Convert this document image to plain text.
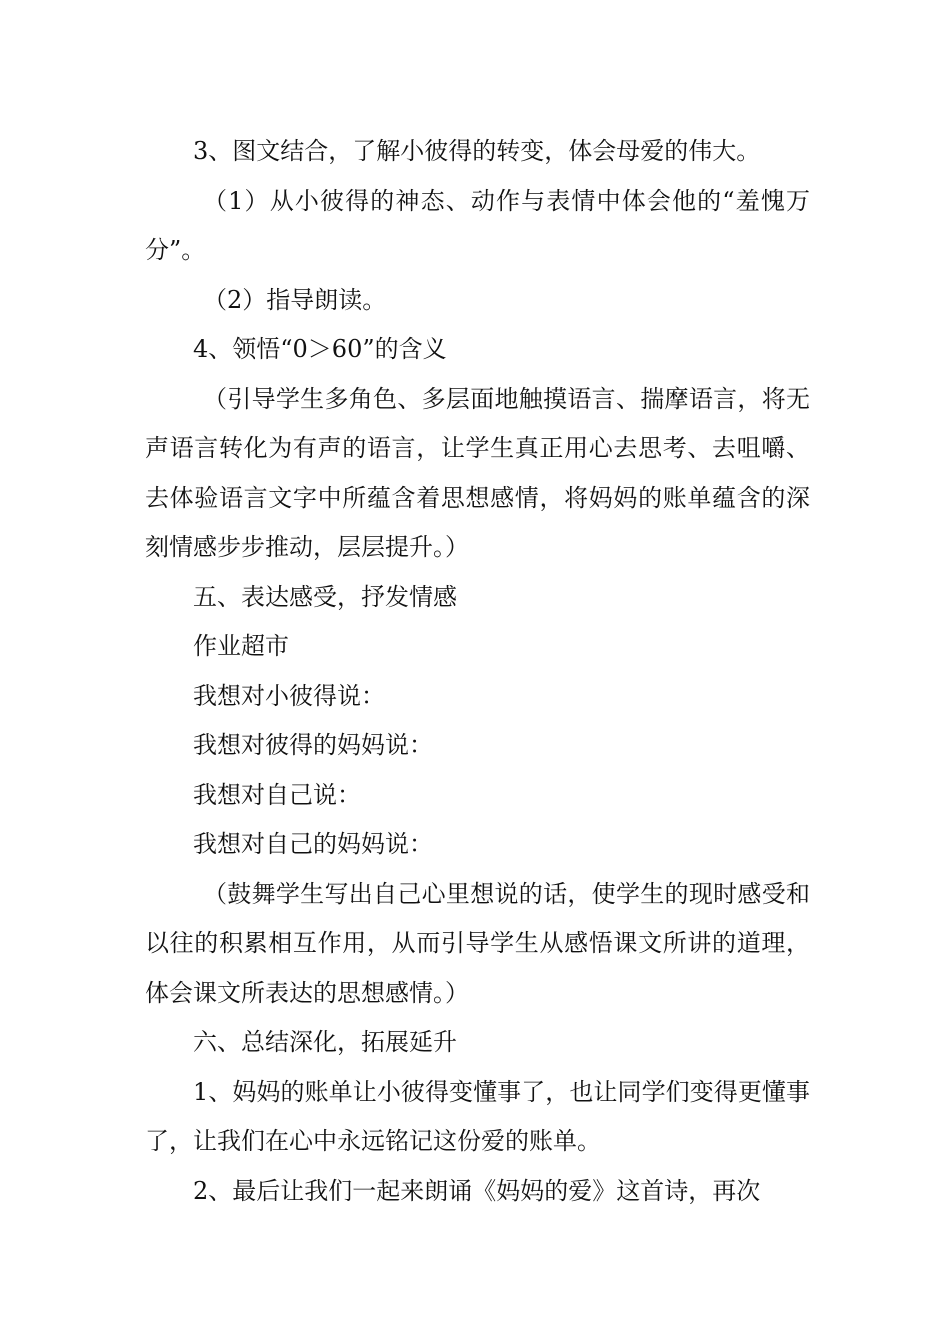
3、图文结合，了解小彼得的转变，体会母爱的伟大。

（1）从小彼得的神态、动作与表情中体会他的“羞愧万分”。

（2）指导朗读。

4、领悟“0＞60”的含义

（引导学生多角色、多层面地触摸语言、揣摩语言，将无声语言转化为有声的语言，让学生真正用心去思考、去咀嚼、去体验语言文字中所蕴含着思想感情，将妈妈的账单蕴含的深刻情感步步推动，层层提升。）

五、表达感受，抒发情感

作业超市

我想对小彼得说：

我想对彼得的妈妈说：

我想对自己说：

我想对自己的妈妈说：

（鼓舞学生写出自己心里想说的话，使学生的现时感受和以往的积累相互作用，从而引导学生从感悟课文所讲的道理，体会课文所表达的思想感情。）

六、总结深化，拓展延升

1、妈妈的账单让小彼得变懂事了，也让同学们变得更懂事了，让我们在心中永远铭记这份爱的账单。

2、最后让我们一起来朗诵《妈妈的爱》这首诗，再次
